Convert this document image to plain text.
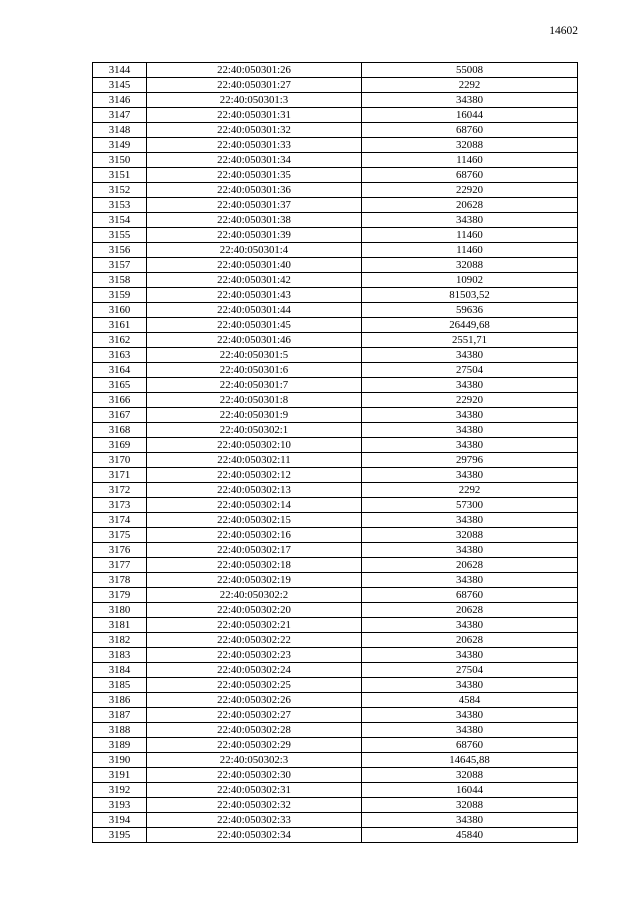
14602
3144	22:40:050301:26	55008
3145	22:40:050301:27	2292
3146	22:40:050301:3	34380
3147	22:40:050301:31	16044
3148	22:40:050301:32	68760
3149	22:40:050301:33	32088
3150	22:40:050301:34	11460
3151	22:40:050301:35	68760
3152	22:40:050301:36	22920
3153	22:40:050301:37	20628
3154	22:40:050301:38	34380
3155	22:40:050301:39	11460
3156	22:40:050301:4	11460
3157	22:40:050301:40	32088
3158	22:40:050301:42	10902
3159	22:40:050301:43	81503,52
3160	22:40:050301:44	59636
3161	22:40:050301:45	26449,68
3162	22:40:050301:46	2551,71
3163	22:40:050301:5	34380
3164	22:40:050301:6	27504
3165	22:40:050301:7	34380
3166	22:40:050301:8	22920
3167	22:40:050301:9	34380
3168	22:40:050302:1	34380
3169	22:40:050302:10	34380
3170	22:40:050302:11	29796
3171	22:40:050302:12	34380
3172	22:40:050302:13	2292
3173	22:40:050302:14	57300
3174	22:40:050302:15	34380
3175	22:40:050302:16	32088
3176	22:40:050302:17	34380
3177	22:40:050302:18	20628
3178	22:40:050302:19	34380
3179	22:40:050302:2	68760
3180	22:40:050302:20	20628
3181	22:40:050302:21	34380
3182	22:40:050302:22	20628
3183	22:40:050302:23	34380
3184	22:40:050302:24	27504
3185	22:40:050302:25	34380
3186	22:40:050302:26	4584
3187	22:40:050302:27	34380
3188	22:40:050302:28	34380
3189	22:40:050302:29	68760
3190	22:40:050302:3	14645,88
3191	22:40:050302:30	32088
3192	22:40:050302:31	16044
3193	22:40:050302:32	32088
3194	22:40:050302:33	34380
3195	22:40:050302:34	45840
